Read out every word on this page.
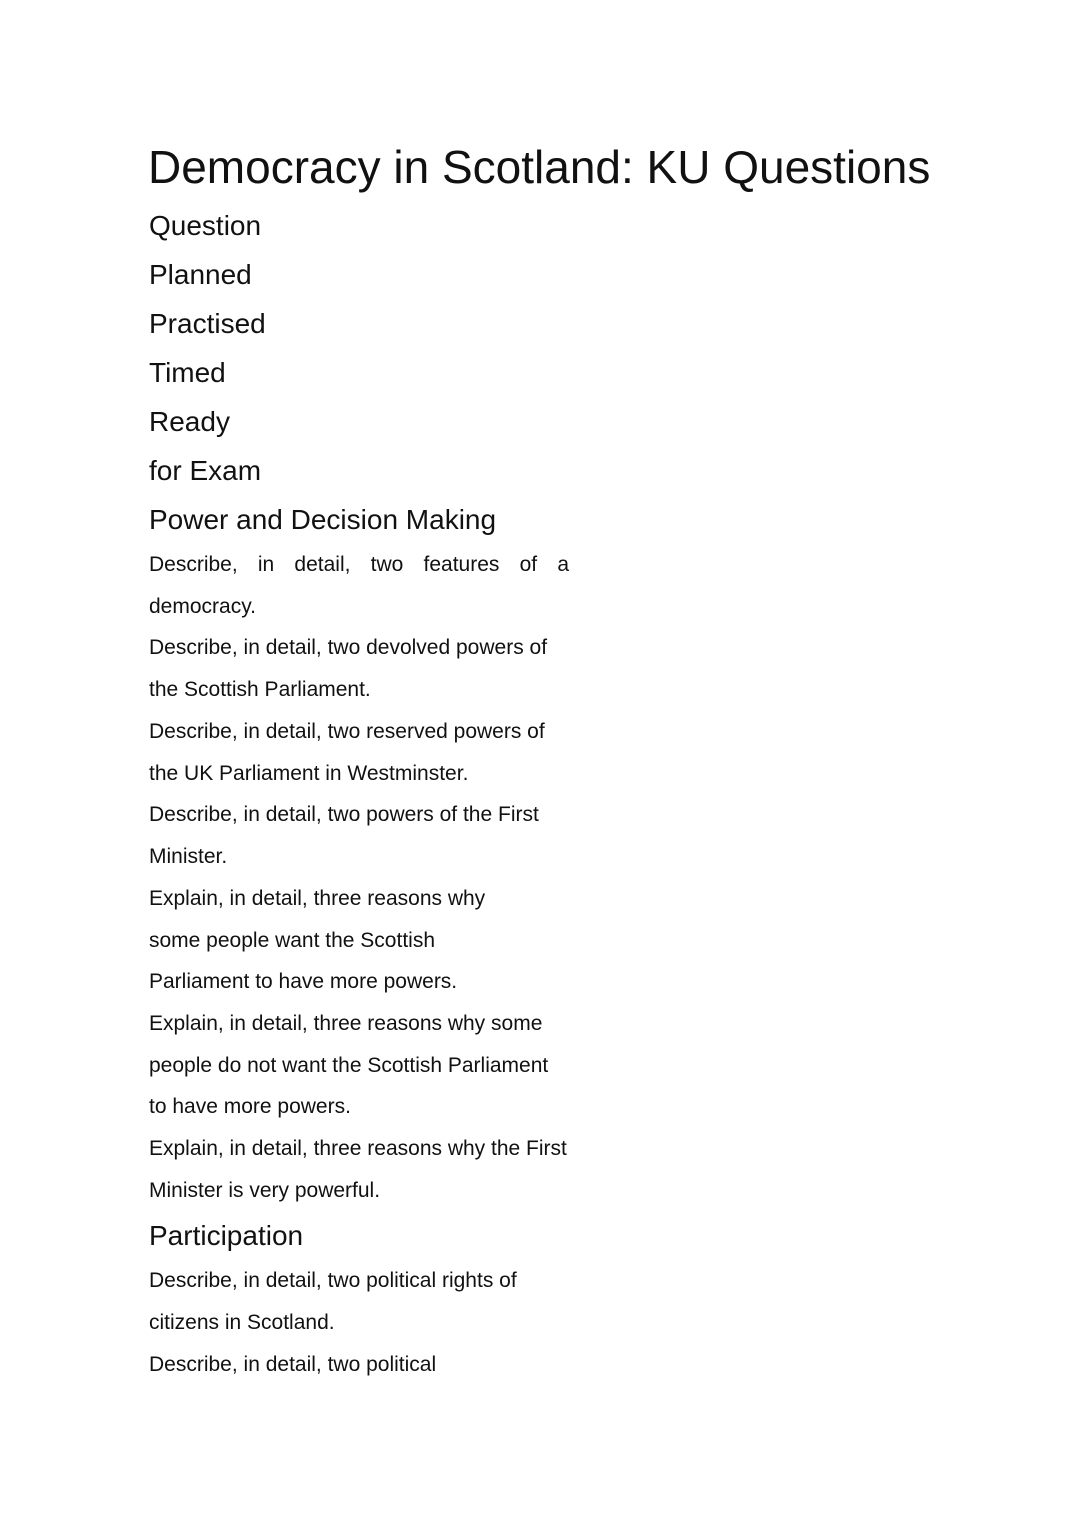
Democracy in Scotland: KU Questions
Question
Planned
Practised
Timed
Ready
for Exam
Power and Decision Making

Describe, in detail, two features of a democracy.

Describe, in detail, two devolved powers of the Scottish Parliament.

Describe, in detail, two reserved powers of the UK Parliament in Westminster.

Describe, in detail, two powers of the First Minister.

Explain, in detail, three reasons why some people want the Scottish Parliament to have more powers.

Explain, in detail, three reasons why some people do not want the Scottish Parliament to have more powers.

Explain, in detail, three reasons why the First Minister is very powerful.

Participation

Describe, in detail, two political rights of citizens in Scotland.

Describe, in detail, two political
